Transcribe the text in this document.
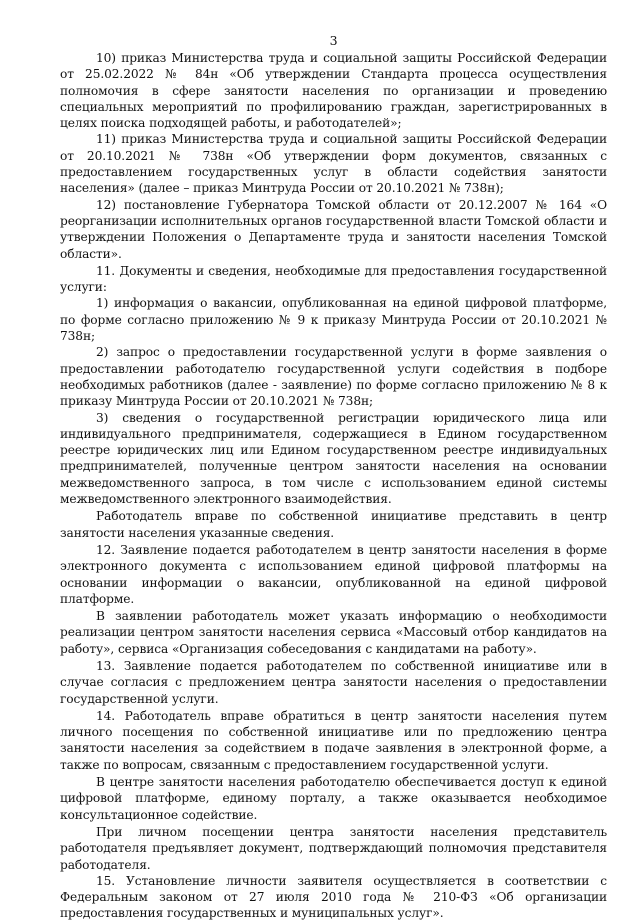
3

10) приказ Министерства труда и социальной защиты Российской Федерации от 25.02.2022 № 84н «Об утверждении Стандарта процесса осуществления полномочия в сфере занятости населения по организации и проведению специальных мероприятий по профилированию граждан, зарегистрированных в целях поиска подходящей работы, и работодателей»;

11) приказ Министерства труда и социальной защиты Российской Федерации от 20.10.2021 № 738н «Об утверждении форм документов, связанных с предоставлением государственных услуг в области содействия занятости населения» (далее – приказ Минтруда России от 20.10.2021 № 738н);

12) постановление Губернатора Томской области от 20.12.2007 № 164 «О реорганизации исполнительных органов государственной власти Томской области и утверждении Положения о Департаменте труда и занятости населения Томской области».

11. Документы и сведения, необходимые для предоставления государственной услуги:

1) информация о вакансии, опубликованная на единой цифровой платформе, по форме согласно приложению № 9 к приказу Минтруда России от 20.10.2021 № 738н;

2) запрос о предоставлении государственной услуги в форме заявления о предоставлении работодателю государственной услуги содействия в подборе необходимых работников (далее - заявление) по форме согласно приложению № 8 к приказу Минтруда России от 20.10.2021 № 738н;

3) сведения о государственной регистрации юридического лица или индивидуального предпринимателя, содержащиеся в Едином государственном реестре юридических лиц или Едином государственном реестре индивидуальных предпринимателей, полученные центром занятости населения на основании межведомственного запроса, в том числе с использованием единой системы межведомственного электронного взаимодействия.

Работодатель вправе по собственной инициативе представить в центр занятости населения указанные сведения.

12. Заявление подается работодателем в центр занятости населения в форме электронного документа с использованием единой цифровой платформы на основании информации о вакансии, опубликованной на единой цифровой платформе.

В заявлении работодатель может указать информацию о необходимости реализации центром занятости населения сервиса «Массовый отбор кандидатов на работу», сервиса «Организация собеседования с кандидатами на работу».

13. Заявление подается работодателем по собственной инициативе или в случае согласия с предложением центра занятости населения о предоставлении государственной услуги.

14. Работодатель вправе обратиться в центр занятости населения путем личного посещения по собственной инициативе или по предложению центра занятости населения за содействием в подаче заявления в электронной форме, а также по вопросам, связанным с предоставлением государственной услуги.

В центре занятости населения работодателю обеспечивается доступ к единой цифровой платформе, единому порталу, а также оказывается необходимое консультационное содействие.

При личном посещении центра занятости населения представитель работодателя предъявляет документ, подтверждающий полномочия представителя работодателя.

15. Установление личности заявителя осуществляется в соответствии с Федеральным законом от 27 июля 2010 года № 210-ФЗ «Об организации предоставления государственных и муниципальных услуг».
